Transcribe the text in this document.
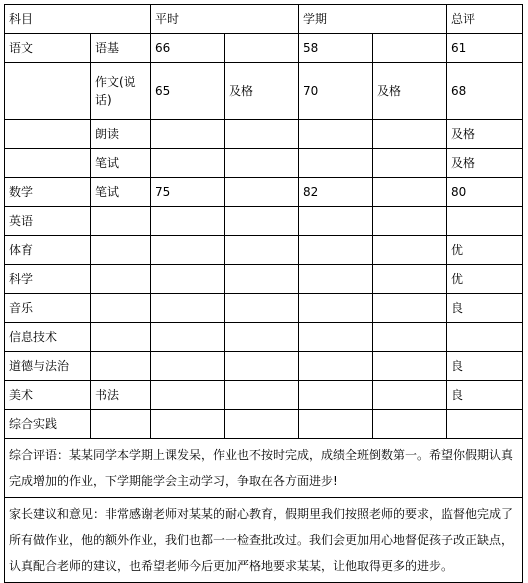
科目		平时		学期		总评
语文	语基	66		58		61
	作文(说话)	65	及格	70	及格	68
	朗读					及格
	笔试					及格
数学	笔试	75		82		80
英语						
体育						优
科学						优
音乐						良
信息技术						
道德与法治						良
美术	书法					良
综合实践						
综合评语：某某同学本学期上课发呆，作业也不按时完成，成绩全班倒数第一。希望你假期认真完成增加的作业，下学期能学会主动学习，争取在各方面进步!						
家长建议和意见：非常感谢老师对某某的耐心教育，假期里我们按照老师的要求，监督他完成了所有做作业，他的额外作业，我们也都一一检查批改过。我们会更加用心地督促孩子改正缺点，认真配合老师的建议，也希望老师今后更加严格地要求某某，让他取得更多的进步。						
